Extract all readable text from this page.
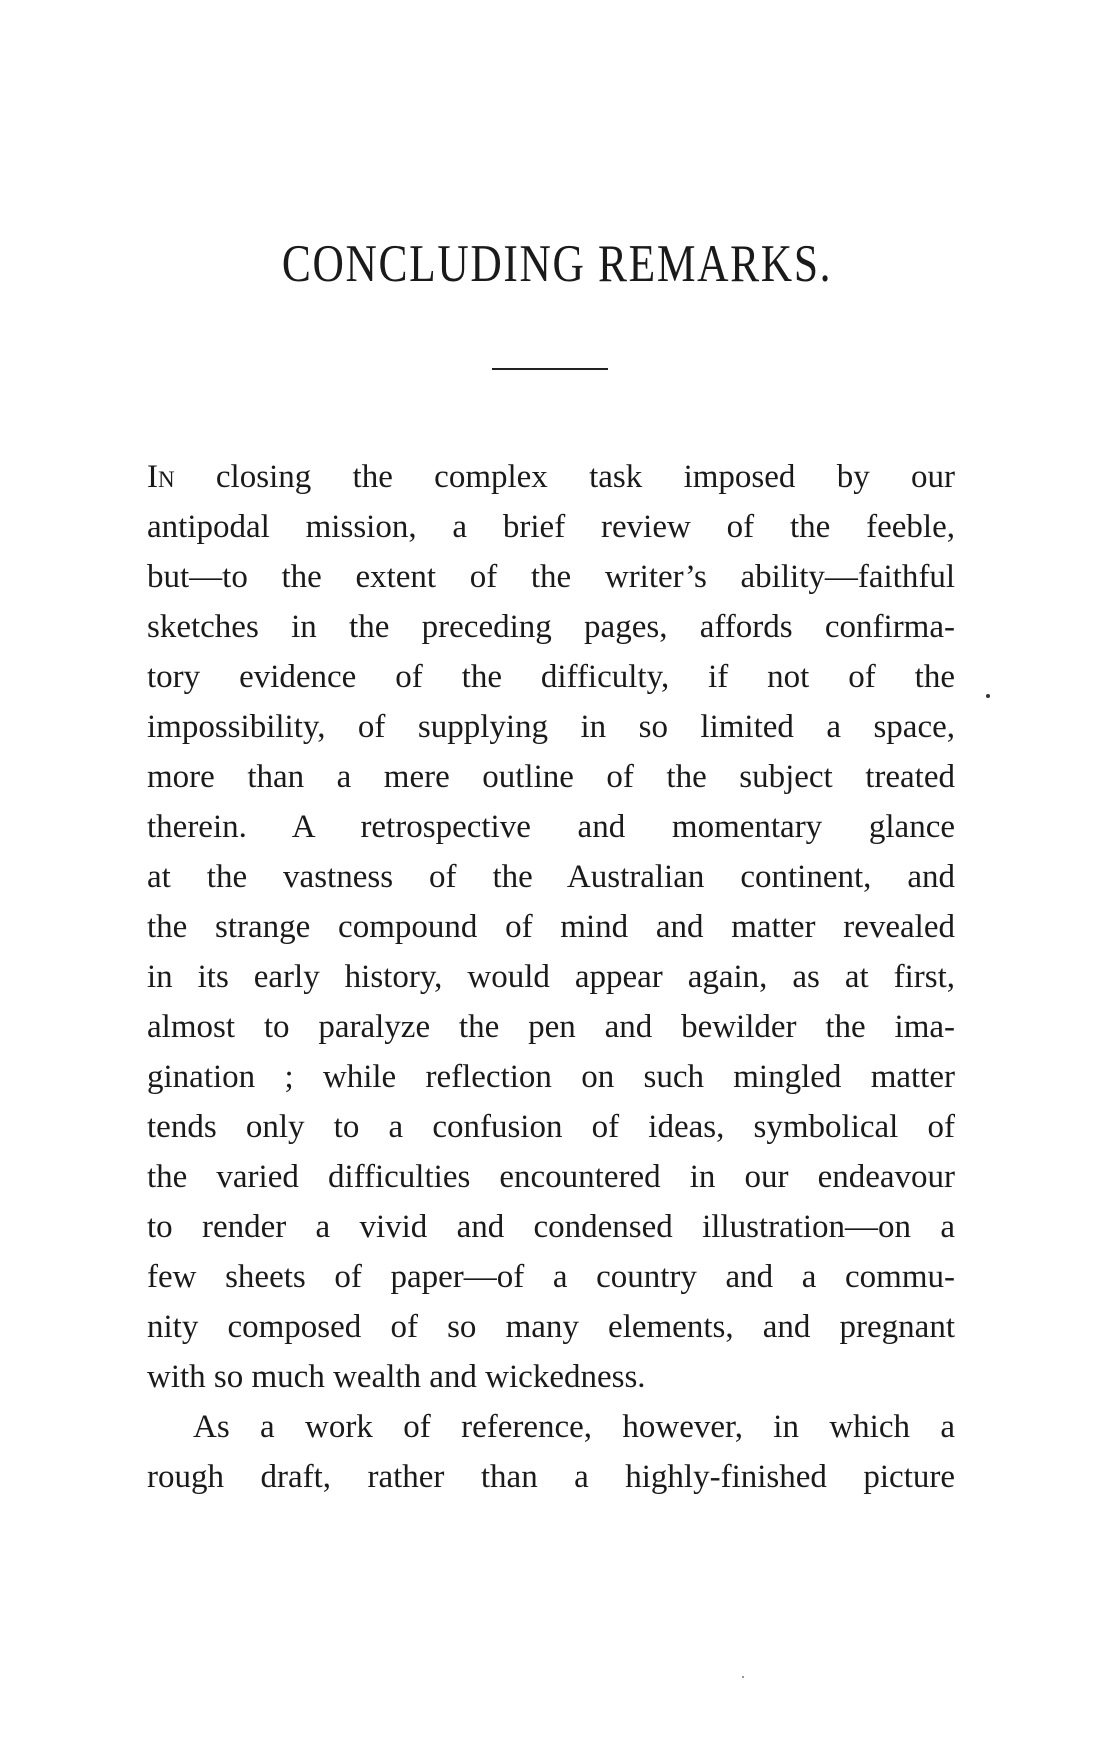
CONCLUDING REMARKS.
In closing the complex task imposed by our
antipodal mission, a brief review of the feeble,
but—to the extent of the writer’s ability—faithful
sketches in the preceding pages, affords confirma-
tory evidence of the difficulty, if not of the
impossibility, of supplying in so limited a space,
more than a mere outline of the subject treated
therein. A retrospective and momentary glance
at the vastness of the Australian continent, and
the strange compound of mind and matter revealed
in its early history, would appear again, as at first,
almost to paralyze the pen and bewilder the ima-
gination ; while reflection on such mingled matter
tends only to a confusion of ideas, symbolical of
the varied difficulties encountered in our endeavour
to render a vivid and condensed illustration—on a
few sheets of paper—of a country and a commu-
nity composed of so many elements, and pregnant
with so much wealth and wickedness.
As a work of reference, however, in which a
rough draft, rather than a highly-finished picture
